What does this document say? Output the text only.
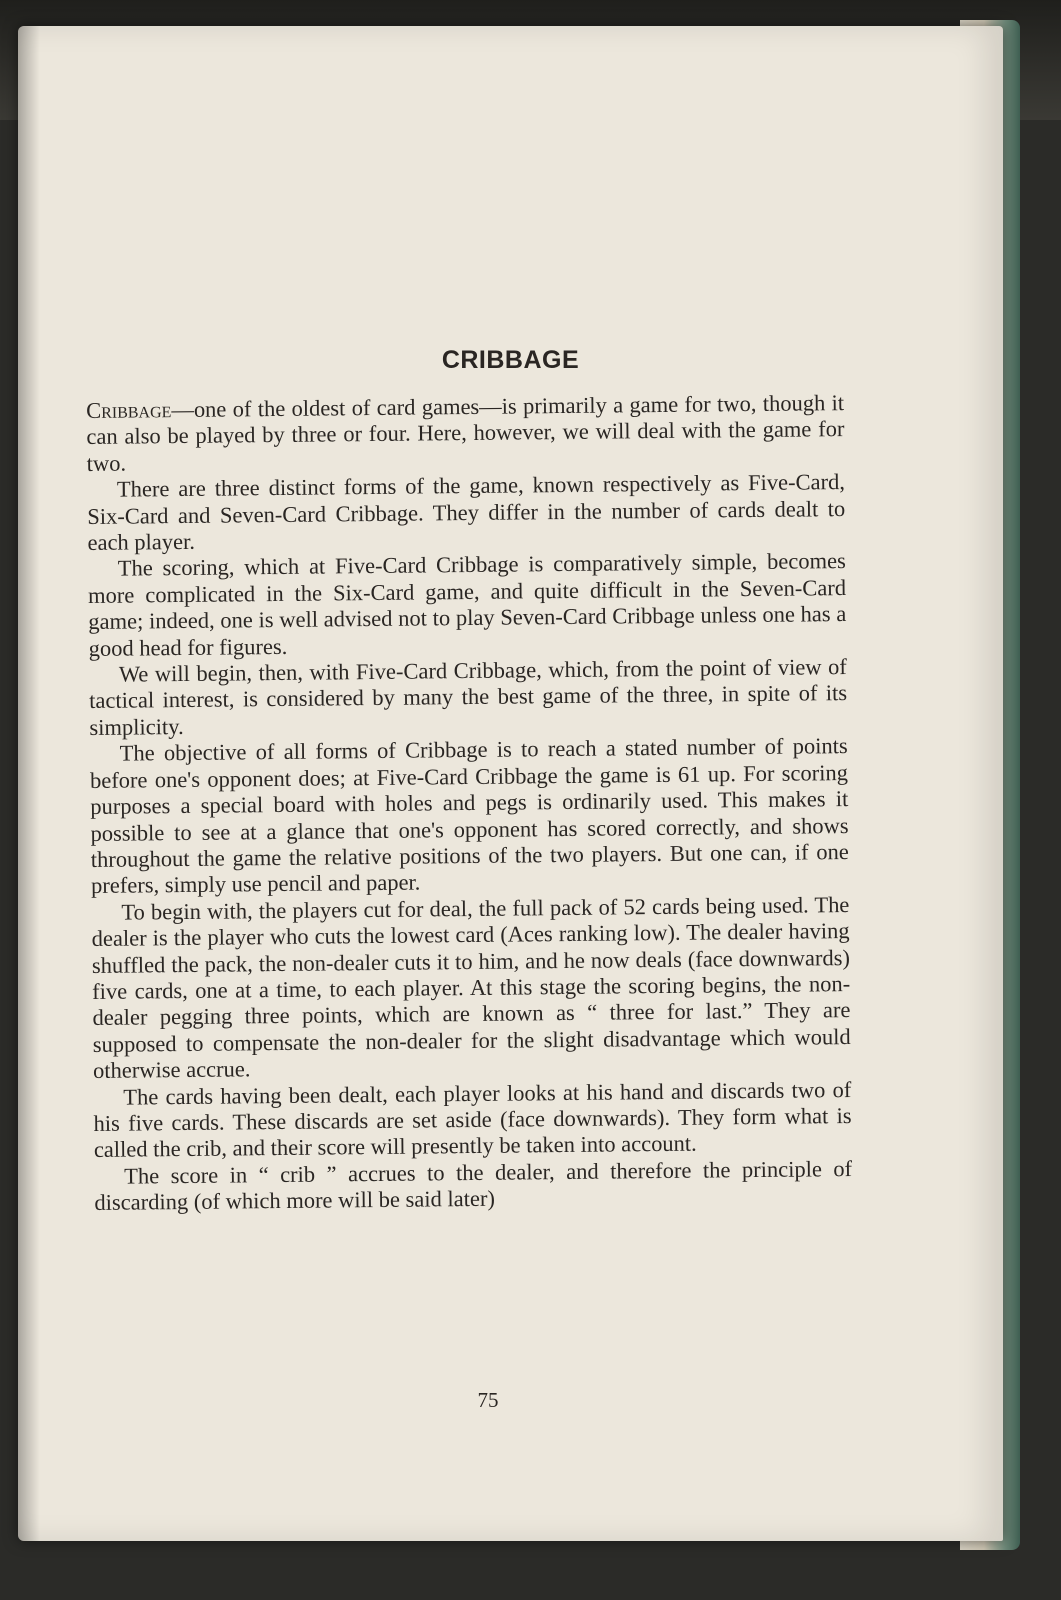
CRIBBAGE

Cribbage—one of the oldest of card games—is primarily a game for two, though it can also be played by three or four. Here, however, we will deal with the game for two.

There are three distinct forms of the game, known respectively as Five-Card, Six-Card and Seven-Card Cribbage. They differ in the number of cards dealt to each player.

The scoring, which at Five-Card Cribbage is comparatively simple, becomes more complicated in the Six-Card game, and quite difficult in the Seven-Card game; indeed, one is well advised not to play Seven-Card Cribbage unless one has a good head for figures.

We will begin, then, with Five-Card Cribbage, which, from the point of view of tactical interest, is considered by many the best game of the three, in spite of its simplicity.

The objective of all forms of Cribbage is to reach a stated number of points before one's opponent does; at Five-Card Cribbage the game is 61 up. For scoring purposes a special board with holes and pegs is ordinarily used. This makes it possible to see at a glance that one's opponent has scored correctly, and shows throughout the game the relative positions of the two players. But one can, if one prefers, simply use pencil and paper.

To begin with, the players cut for deal, the full pack of 52 cards being used. The dealer is the player who cuts the lowest card (Aces ranking low). The dealer having shuffled the pack, the non-dealer cuts it to him, and he now deals (face downwards) five cards, one at a time, to each player. At this stage the scoring begins, the non-dealer pegging three points, which are known as “ three for last.” They are supposed to compensate the non-dealer for the slight disadvantage which would otherwise accrue.

The cards having been dealt, each player looks at his hand and discards two of his five cards. These discards are set aside (face downwards). They form what is called the crib, and their score will presently be taken into account.

The score in “ crib ” accrues to the dealer, and therefore the principle of discarding (of which more will be said later)

75
